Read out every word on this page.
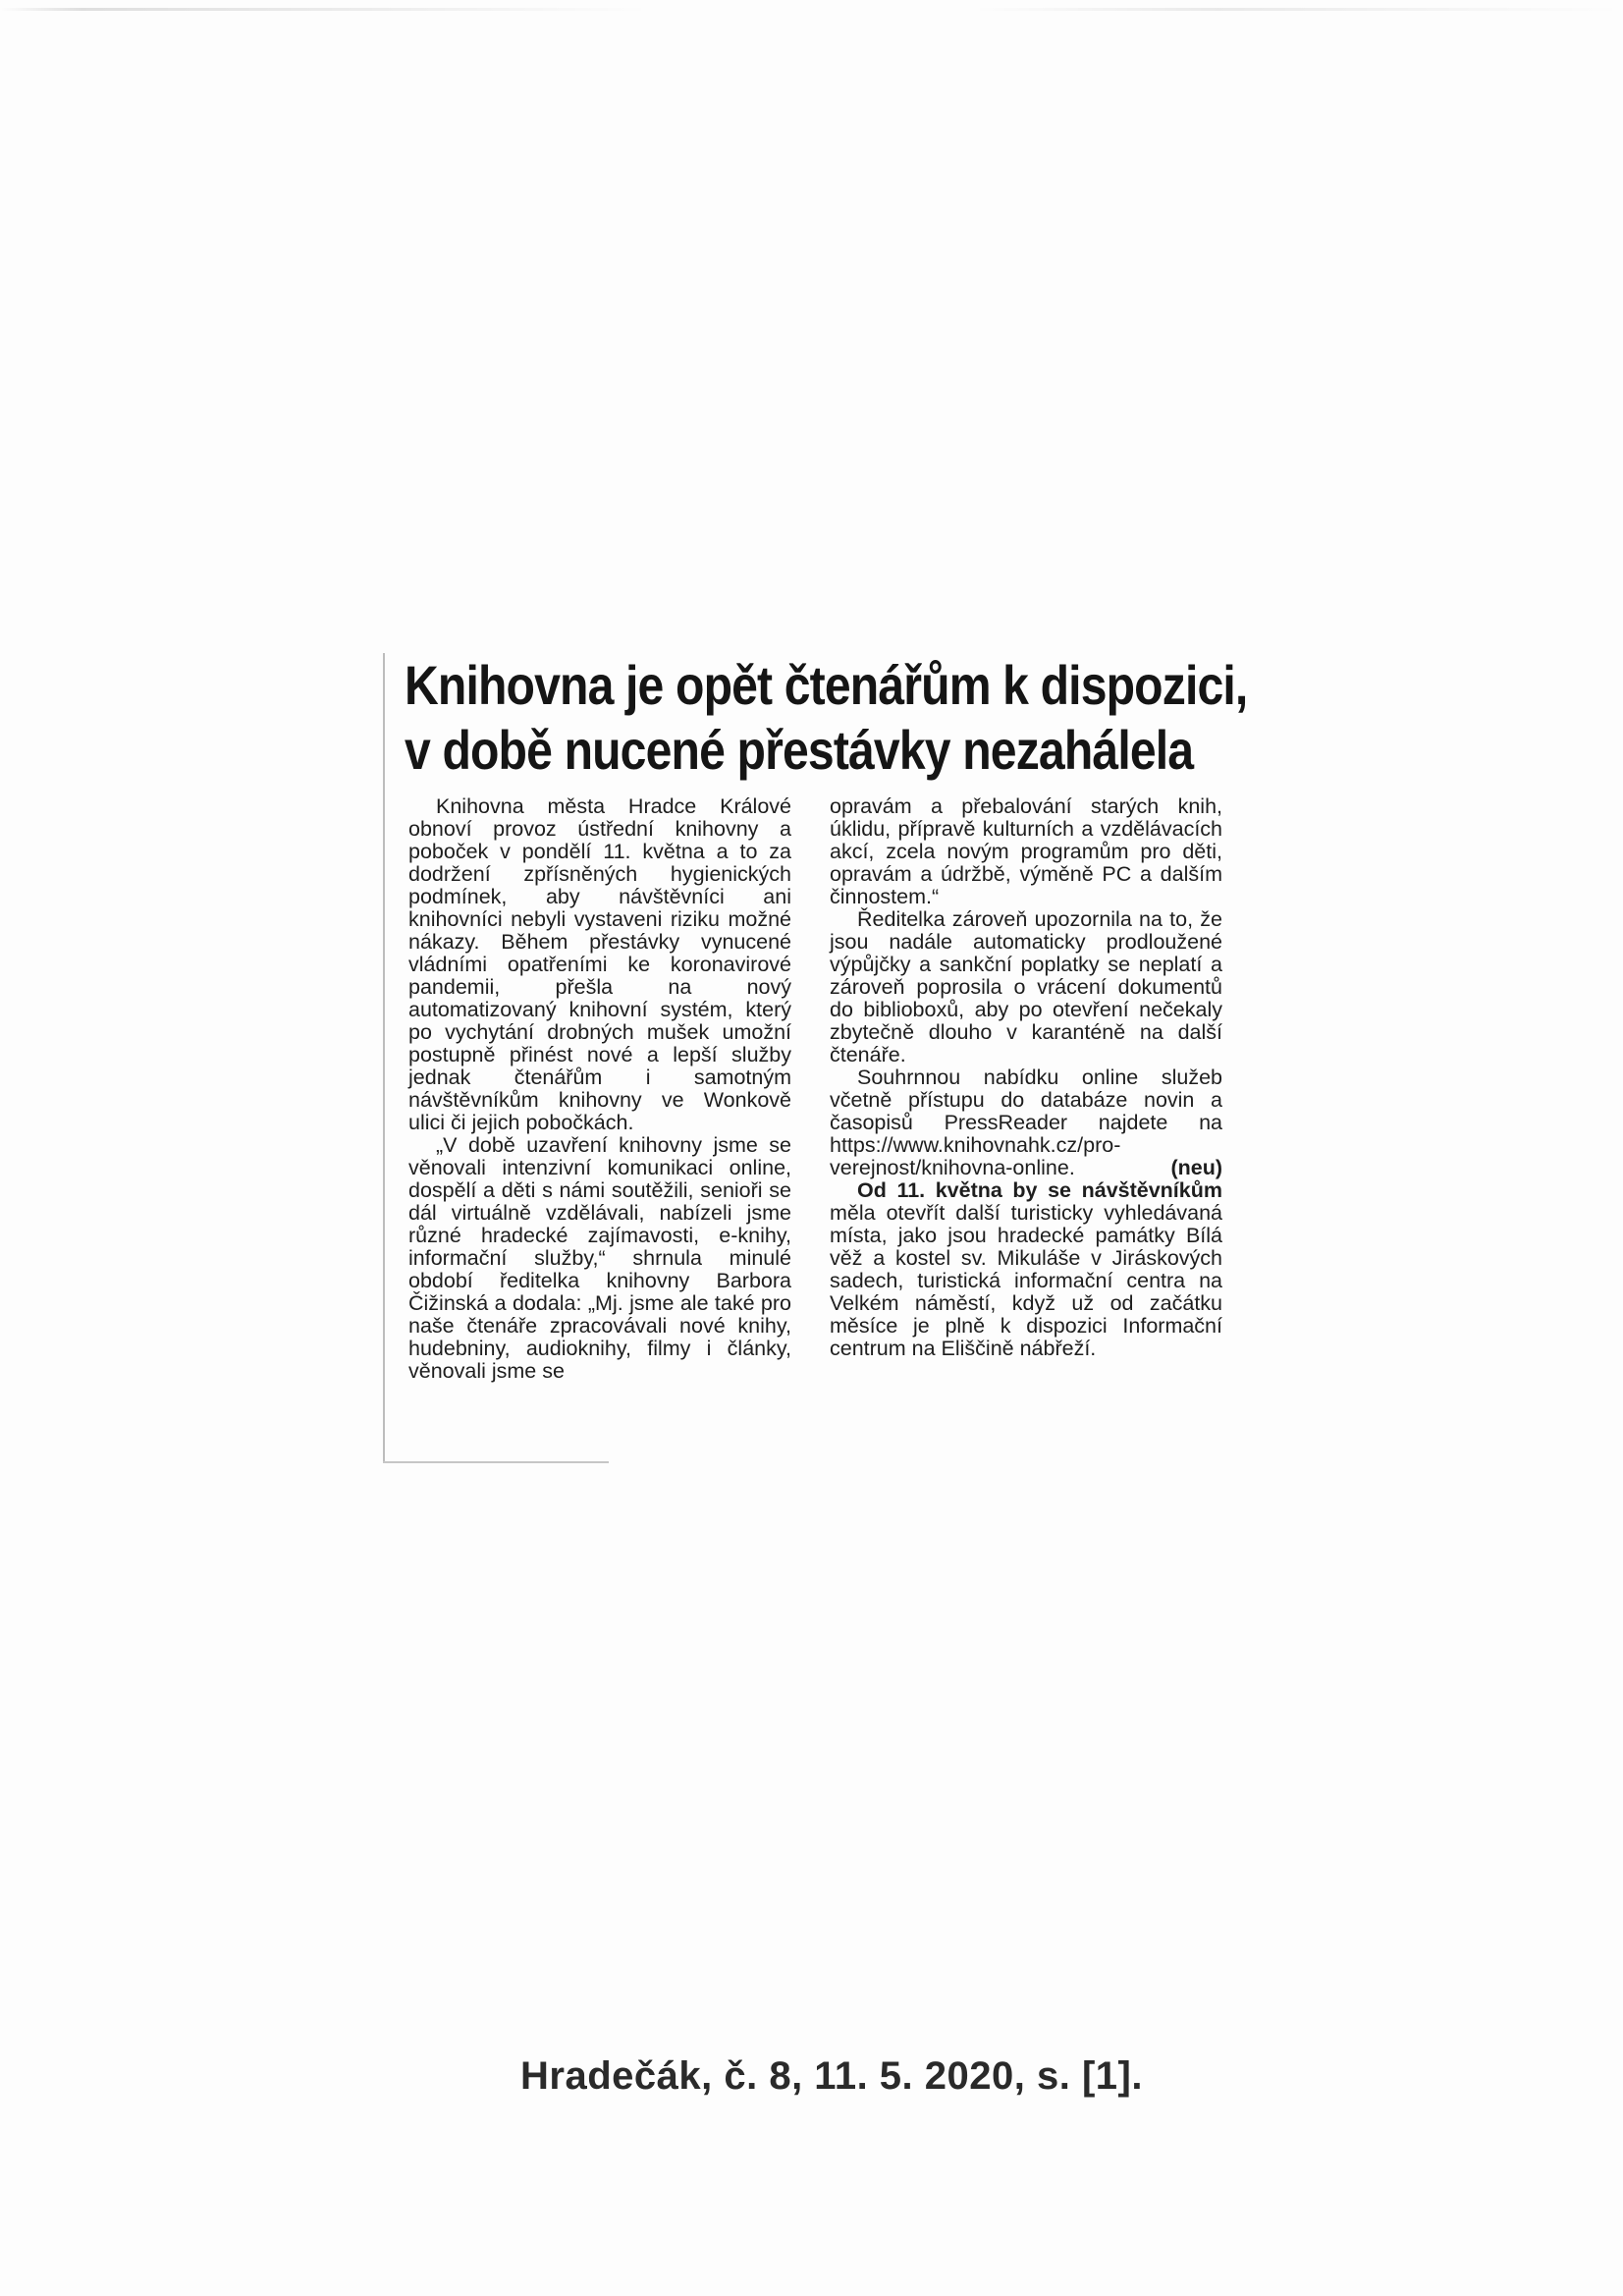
Knihovna je opět čtenářům k dispozici,
v době nucené přestávky nezahálela

Knihovna města Hradce Králové obnoví provoz ústřední knihovny a poboček v pondělí 11. května a to za dodržení zpřísněných hygienických podmínek, aby návštěvníci ani knihovníci nebyli vystaveni riziku možné nákazy. Během přestávky vynucené vládními opatřeními ke koronavirové pandemii, přešla na nový automatizovaný knihovní systém, který po vychytání drobných mušek umožní postupně přinést nové a lepší služby jednak čtenářům i samotným návštěvníkům knihovny ve Wonkově ulici či jejich pobočkách.

„V době uzavření knihovny jsme se věnovali intenzivní komunikaci online, dospělí a děti s námi soutěžili, senioři se dál virtuálně vzdělávali, nabízeli jsme různé hradecké zajímavosti, e-knihy, informační služby,“ shrnula minulé období ředitelka knihovny Barbora Čižinská a dodala: „Mj. jsme ale také pro naše čtenáře zpracovávali nové knihy, hudebniny, audioknihy, filmy i články, věnovali jsme se

opravám a přebalování starých knih, úklidu, přípravě kulturních a vzdělávacích akcí, zcela novým programům pro děti, opravám a údržbě, výměně PC a dalším činnostem.“

Ředitelka zároveň upozornila na to, že jsou nadále automaticky prodloužené výpůjčky a sankční poplatky se neplatí a zároveň poprosila o vrácení dokumentů do biblioboxů, aby po otevření nečekaly zbytečně dlouho v karanténě na další čtenáře.

Souhrnnou nabídku online služeb včetně přístupu do databáze novin a časopisů PressReader najdete na https://www.knihovnahk.cz/pro-verejnost/knihovna-online.	(neu)

Od 11. května by se návštěvníkům měla otevřít další turisticky vyhledávaná místa, jako jsou hradecké památky Bílá věž a kostel sv. Mikuláše v Jiráskových sadech, turistická informační centra na Velkém náměstí, když už od začátku měsíce je plně k dispozici Informační centrum na Eliščině nábřeží.

Hradečák, č. 8, 11. 5. 2020, s. [1].
